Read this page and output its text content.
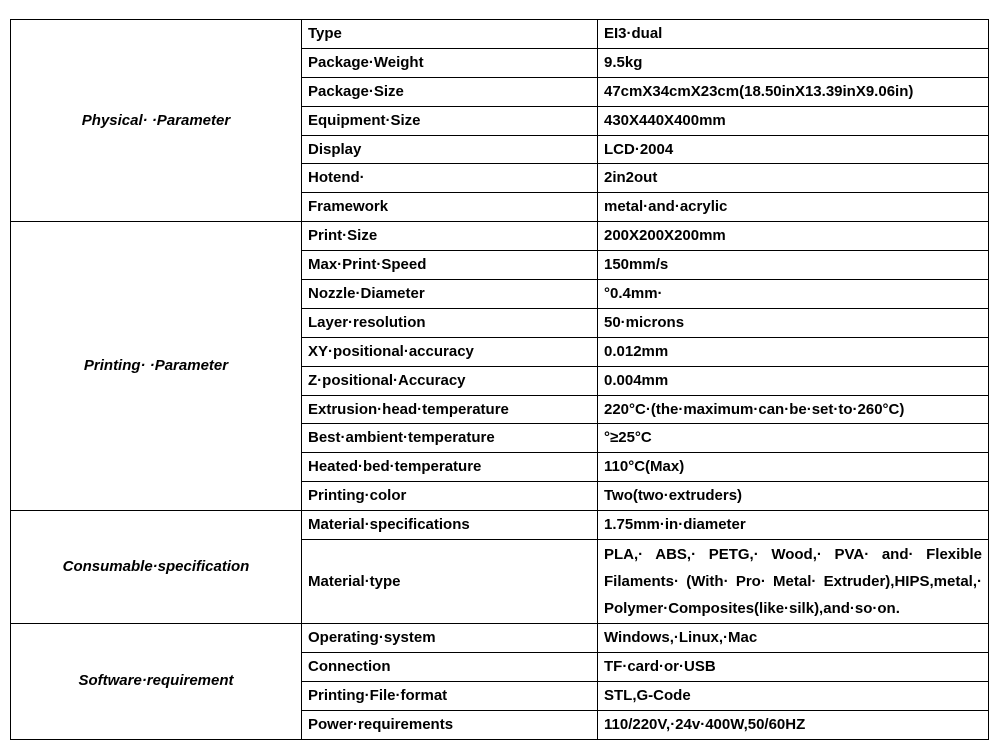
Physical· ·Parameter	Type	EI3·dual
	Package·Weight	9.5kg
	Package·Size	47cmX34cmX23cm(18.50inX13.39inX9.06in)
	Equipment·Size	430X440X400mm
	Display	LCD·2004
	Hotend·	2in2out
	Framework	metal·and·acrylic
Printing· ·Parameter	Print·Size	200X200X200mm
	Max·Print·Speed	150mm/s
	Nozzle·Diameter	°0.4mm·
	Layer·resolution	50·microns
	XY·positional·accuracy	0.012mm
	Z·positional·Accuracy	0.004mm
	Extrusion·head·temperature	220°C·(the·maximum·can·be·set·to·260°C)
	Best·ambient·temperature	°≥25°C
	Heated·bed·temperature	110°C(Max)
	Printing·color	Two(two·extruders)
Consumable·specification	Material·specifications	1.75mm·in·diameter
	Material·type	PLA,· ABS,· PETG,· Wood,· PVA· and· Flexible Filaments· (With· Pro· Metal· Extruder),HIPS,metal,· Polymer·Composites(like·silk),and·so·on.
Software·requirement	Operating·system	Windows,·Linux,·Mac
	Connection	TF·card·or·USB
	Printing·File·format	STL,G-Code
	Power·requirements	110/220V,·24v·400W,50/60HZ
